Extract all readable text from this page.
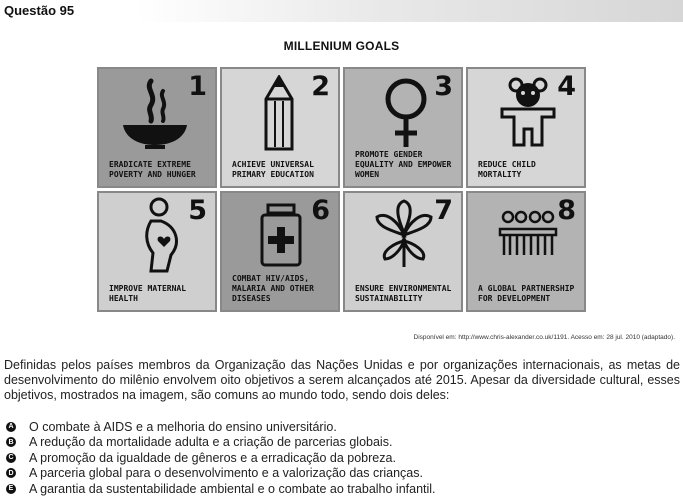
Questão 95
MILLENIUM GOALS
1
ERADICATE EXTREME POVERTY AND HUNGER
2
ACHIEVE UNIVERSAL PRIMARY EDUCATION
3
PROMOTE GENDER EQUALITY AND EMPOWER WOMEN
4
REDUCE CHILD MORTALITY
5
IMPROVE MATERNAL HEALTH
6
COMBAT HIV/AIDS, MALARIA AND OTHER DISEASES
7
ENSURE ENVIRONMENTAL SUSTAINABILITY
8
A GLOBAL PARTNERSHIP FOR DEVELOPMENT
Disponível em: http://www.chris-alexander.co.uk/1191. Acesso em: 28 jul. 2010 (adaptado).
Definidas pelos países membros da Organização das Nações Unidas e por organizações internacionais, as metas de desenvolvimento do milênio envolvem oito objetivos a serem alcançados até 2015. Apesar da diversidade cultural, esses objetivos, mostrados na imagem, são comuns ao mundo todo, sendo dois deles:
A O combate à AIDS e a melhoria do ensino universitário.
B A redução da mortalidade adulta e a criação de parcerias globais.
C A promoção da igualdade de gêneros e a erradicação da pobreza.
D A parceria global para o desenvolvimento e a valorização das crianças.
E A garantia da sustentabilidade ambiental e o combate ao trabalho infantil.
